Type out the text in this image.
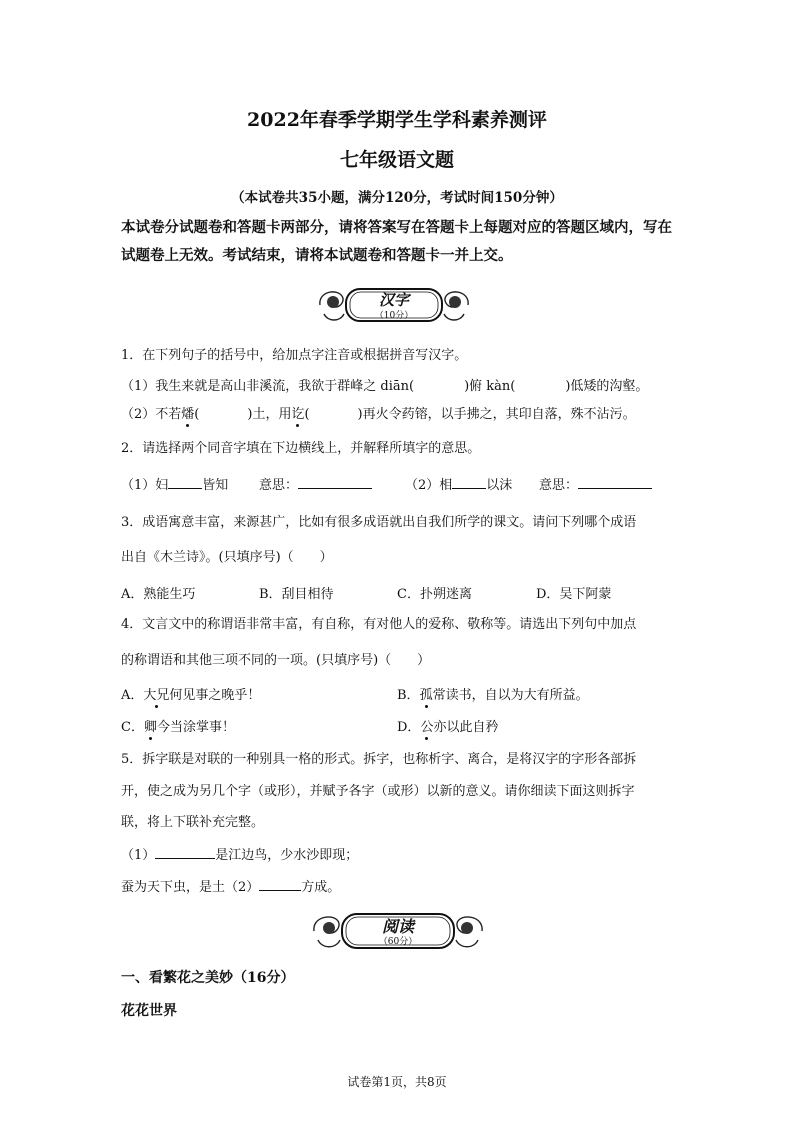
2022年春季学期学生学科素养测评
七年级语文题
（本试卷共35小题，满分120分，考试时间150分钟）
本试卷分试题卷和答题卡两部分，请将答案写在答题卡上每题对应的答题区域内，写在试题卷上无效。考试结束，请将本试题卷和答题卡一并上交。
汉字
（10分）
1．在下列句子的括号中，给加点字注音或根据拼音写汉字。
（1）我生来就是高山非溪流，我欲于群峰之 diān(	)俯 kàn(	)低矮的沟壑。
（2）不若燔(	)土，用讫(	)再火令药镕，以手拂之，其印自落，殊不沾污。
2．请选择两个同音字填在下边横线上，并解释所填字的意思。
（1）妇	皆知 意思：	（2）相	以沫 意思：
3．成语寓意丰富，来源甚广，比如有很多成语就出自我们所学的课文。请问下列哪个成语
出自《木兰诗》。(只填序号)（　　）
A．熟能生巧	B．刮目相待	C．扑朔迷离	D．吴下阿蒙
4．文言文中的称谓语非常丰富，有自称，有对他人的爱称、敬称等。请选出下列句中加点
的称谓语和其他三项不同的一项。(只填序号)（　　）
A．大兄何见事之晚乎！	B．孤常读书，自以为大有所益。
C．卿今当涂掌事！	D．公亦以此自矜
5．拆字联是对联的一种别具一格的形式。拆字，也称析字、离合，是将汉字的字形各部拆
开，使之成为另几个字（或形），并赋予各字（或形）以新的意义。请你细读下面这则拆字
联，将上下联补充完整。
（1）	是江边鸟，少水沙即现；
蚕为天下虫，是土（2）	方成。
阅读
（60分）
一、看繁花之美妙（16分）
花花世界
试卷第1页，共8页
